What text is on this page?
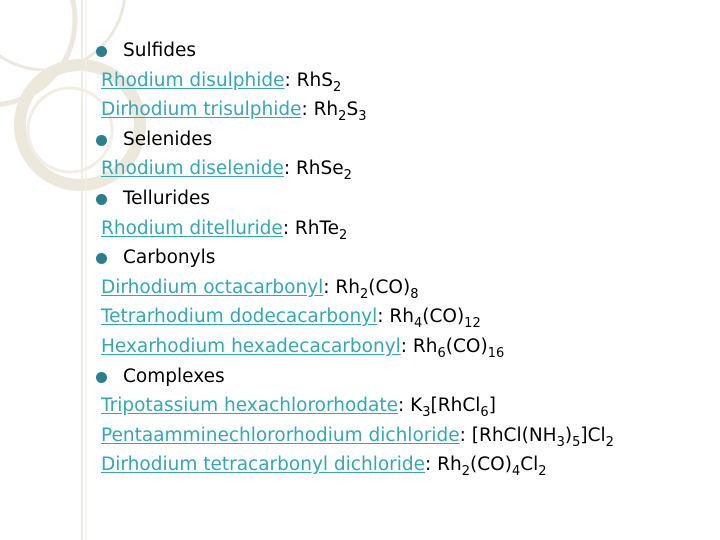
Sulfides
Rhodium disulphide: RhS$_2$
Dirhodium trisulphide: $Rh_2S_3$
Selenides
Rhodium diselenide: RhSe$_2$
Tellurides
Rhodium ditelluride: RhTe$_2$
Carbonyls
Dirhodium octacarbonyl: $Rh_2(CO)_8$
Tetrarhodium dodecacarbonyl: $Rh_4(CO)_{12}$
Hexarhodium hexadecacarbonyl: $Rh_6(CO)_{16}$
Complexes
Tripotassium hexachlororhodate: $K_3[RhCl_6]$
Pentaamminechlororhodium dichloride: $[RhCl(NH_3)_5]Cl_2$
Dirhodium tetracarbonyl dichloride: $Rh_2(CO)_4Cl_2$
